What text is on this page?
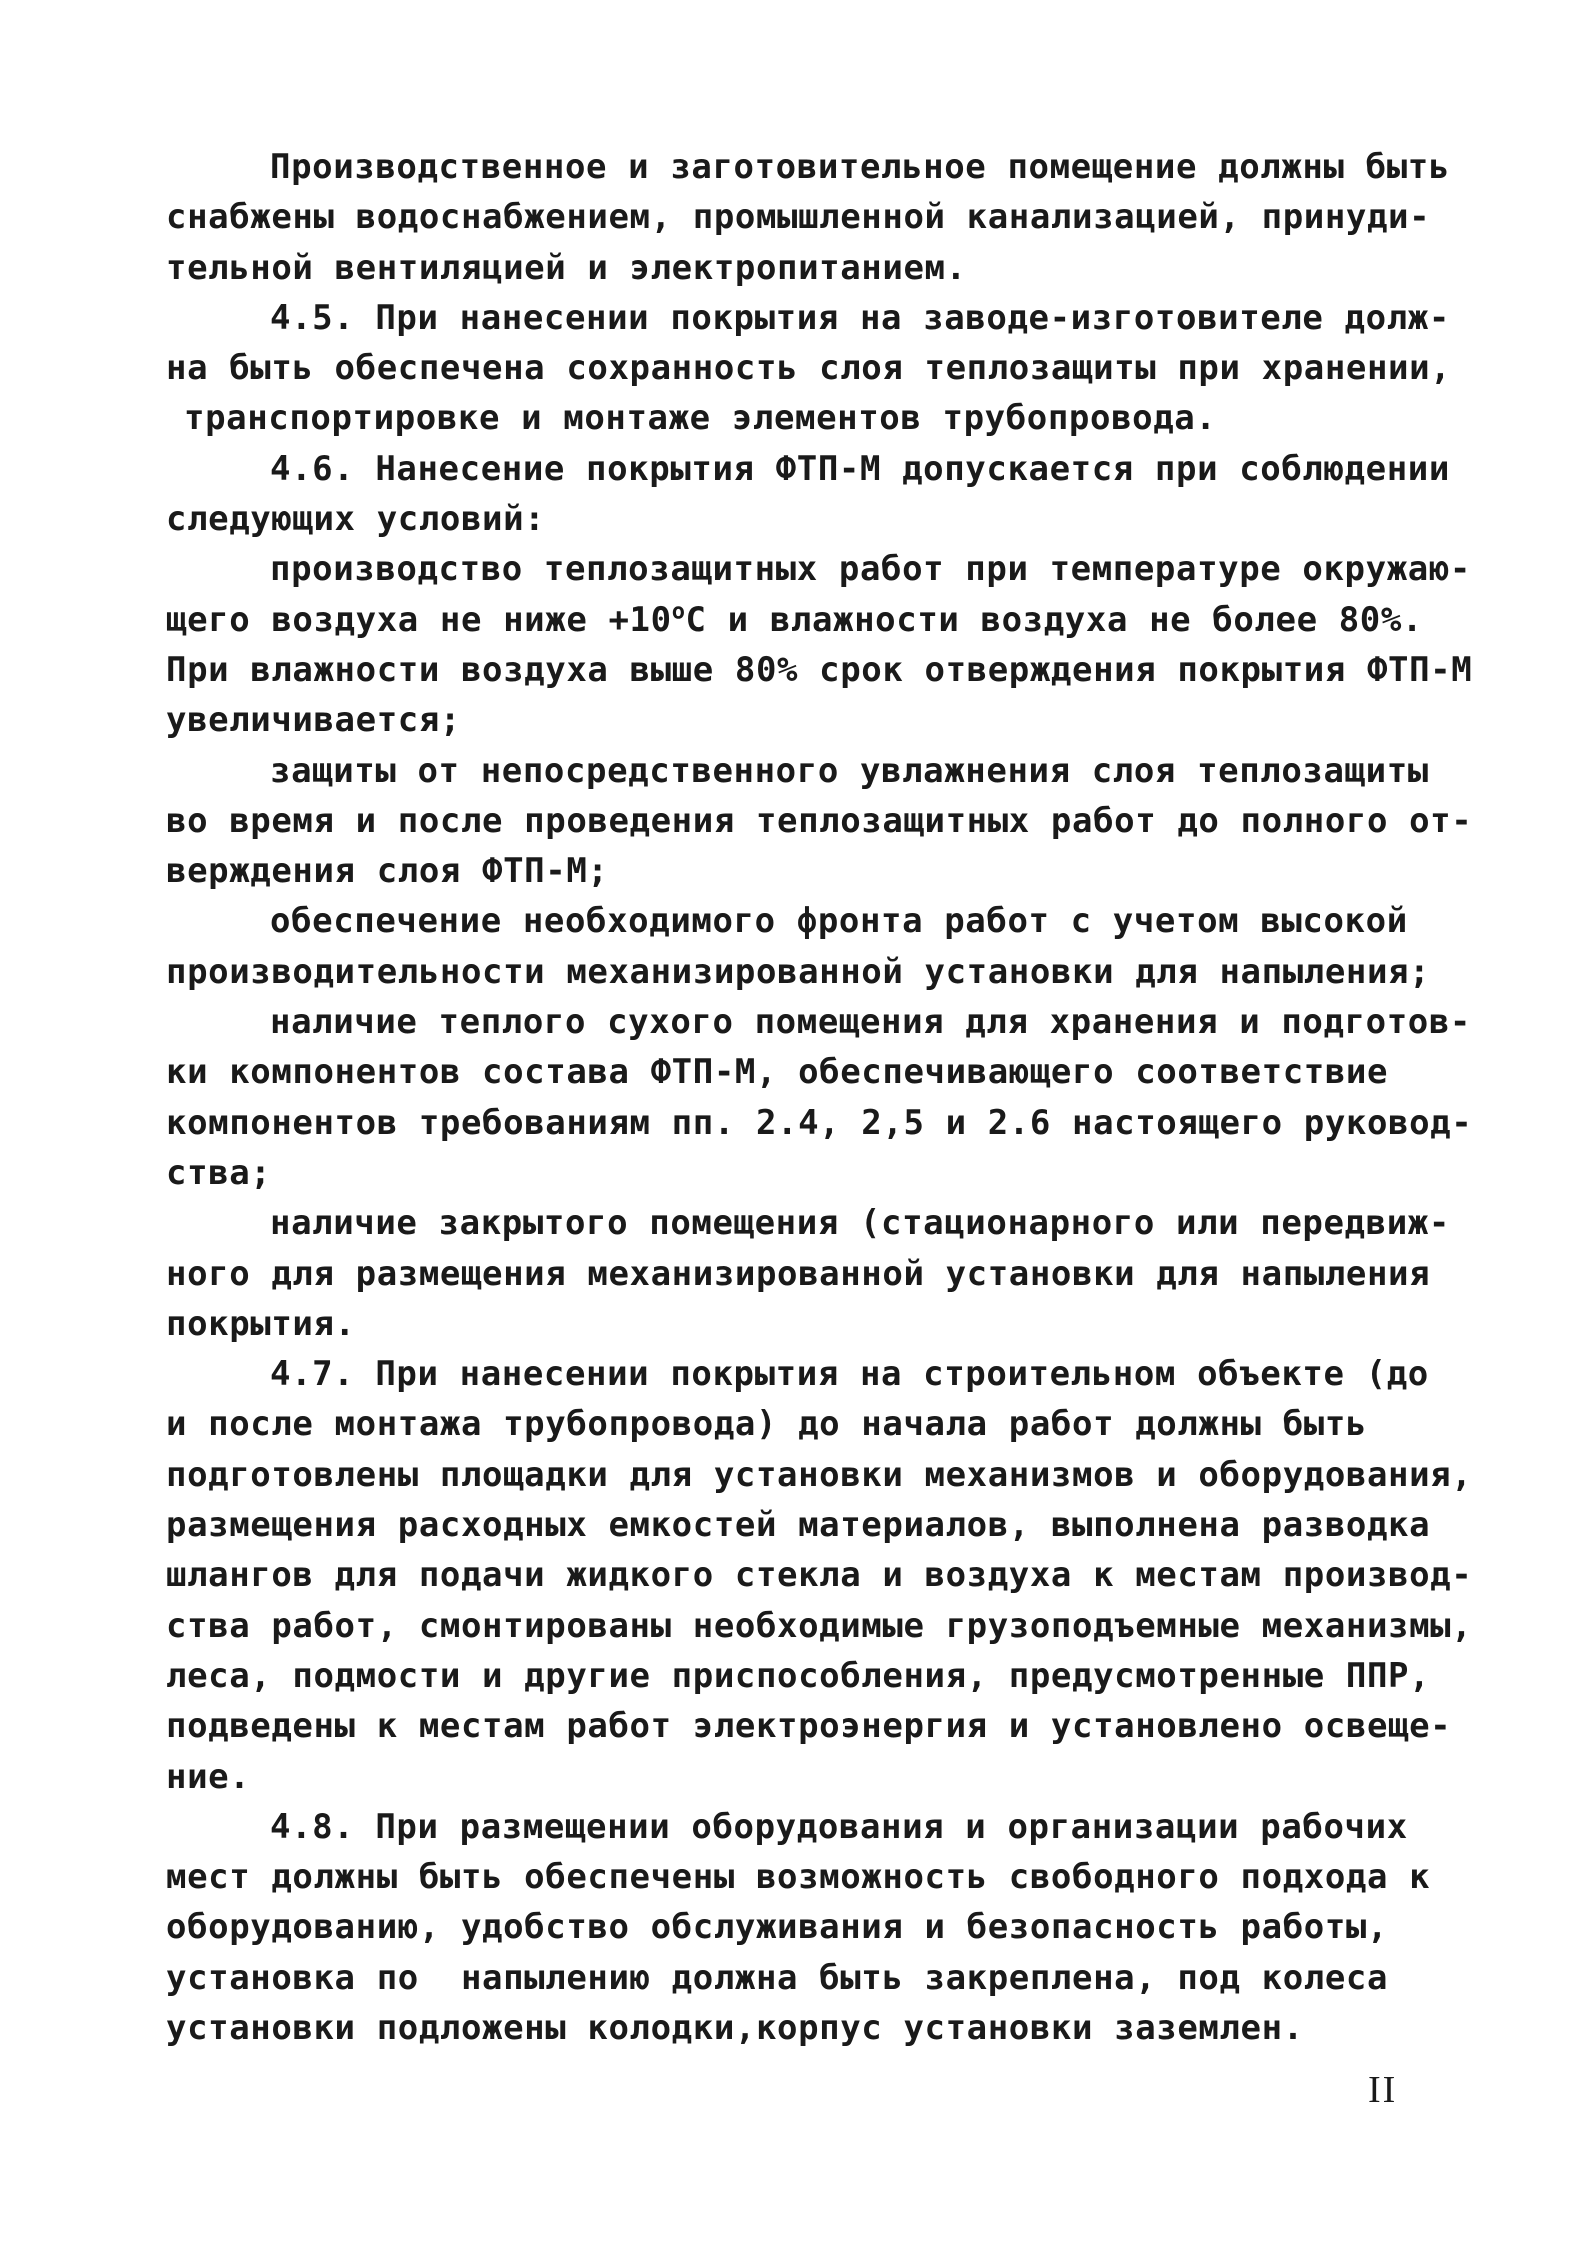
Производственное и заготовительное помещение должны быть
снабжены водоснабжением, промышленной канализацией, принуди-
тельной вентиляцией и электропитанием.
4.5. При нанесении покрытия на заводе-изготовителе долж-
на быть обеспечена сохранность слоя теплозащиты при хранении,
транспортировке и монтаже элементов трубопровода.
4.6. Нанесение покрытия ФТП-М допускается при соблюдении
следующих условий:
производство теплозащитных работ при температуре окружаю-
щего воздуха не ниже $+10^оС$ и влажности воздуха не более 80%.
При влажности воздуха выше 80% срок отверждения покрытия ФТП-М
увеличивается;
защиты от непосредственного увлажнения слоя теплозащиты
во время и после проведения теплозащитных работ до полного от-
верждения слоя ФТП-М;
обеспечение необходимого фронта работ с учетом высокой
производительности механизированной установки для напыления;
наличие теплого сухого помещения для хранения и подготов-
ки компонентов состава ФТП-М, обеспечивающего соответствие
компонентов требованиям пп. 2.4, 2,5 и 2.6 настоящего руковод-
ства;
наличие закрытого помещения (стационарного или передвиж-
ного для размещения механизированной установки для напыления
покрытия.
4.7. При нанесении покрытия на строительном объекте (до
и после монтажа трубопровода) до начала работ должны быть
подготовлены площадки для установки механизмов и оборудования,
размещения расходных емкостей материалов, выполнена разводка
шлангов для подачи жидкого стекла и воздуха к местам производ-
ства работ, смонтированы необходимые грузоподъемные механизмы,
леса, подмости и другие приспособления, предусмотренные ППР,
подведены к местам работ электроэнергия и установлено освеще-
ние.
4.8. При размещении оборудования и организации рабочих
мест должны быть обеспечены возможность свободного подхода к
оборудованию, удобство обслуживания и безопасность работы,
установка по  напылению должна быть закреплена, под колеса
установки подложены колодки,корпус установки заземлен.
II
